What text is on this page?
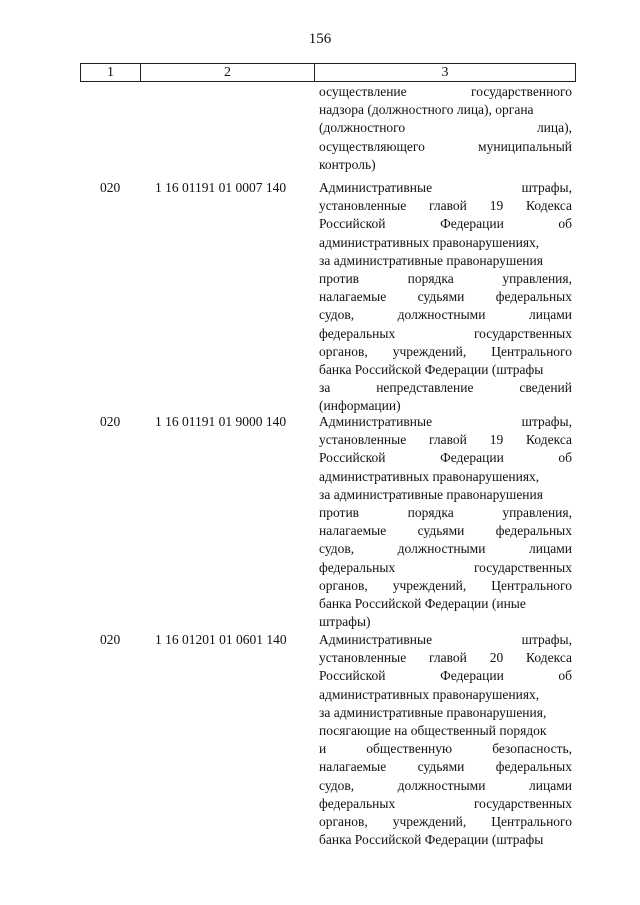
156
1	2	3
осуществление государственного
надзора (должностного лица), органа
(должностного лица),
осуществляющего муниципальный
контроль)
020	1 16 01191 01 0007 140 Административные штрафы,
установленные главой 19 Кодекса
Российской Федерации об
административных правонарушениях,
за административные правонарушения
против порядка управления,
налагаемые судьями федеральных
судов, должностными лицами
федеральных государственных
органов, учреждений, Центрального
банка Российской Федерации (штрафы
за непредставление сведений
(информации)
020	1 16 01191 01 9000 140 Административные штрафы,
установленные главой 19 Кодекса
Российской Федерации об
административных правонарушениях,
за административные правонарушения
против порядка управления,
налагаемые судьями федеральных
судов, должностными лицами
федеральных государственных
органов, учреждений, Центрального
банка Российской Федерации (иные
штрафы)
020	1 16 01201 01 0601 140 Административные штрафы,
установленные главой 20 Кодекса
Российской Федерации об
административных правонарушениях,
за административные правонарушения,
посягающие на общественный порядок
и общественную безопасность,
налагаемые судьями федеральных
судов, должностными лицами
федеральных государственных
органов, учреждений, Центрального
банка Российской Федерации (штрафы
